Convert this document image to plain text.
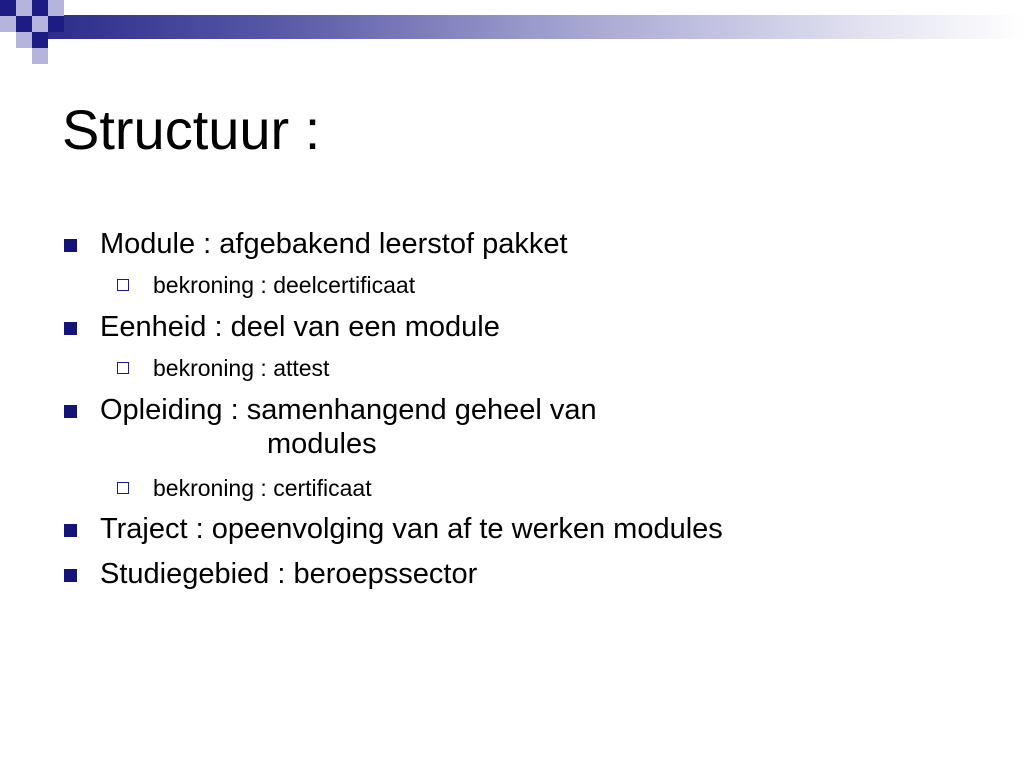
Structuur :
Module : afgebakend leerstof pakket
bekroning : deelcertificaat
Eenheid : deel van een module
bekroning : attest
Opleiding : samenhangend geheel van
modules
bekroning : certificaat
Traject : opeenvolging van af te werken modules
Studiegebied : beroepssector
